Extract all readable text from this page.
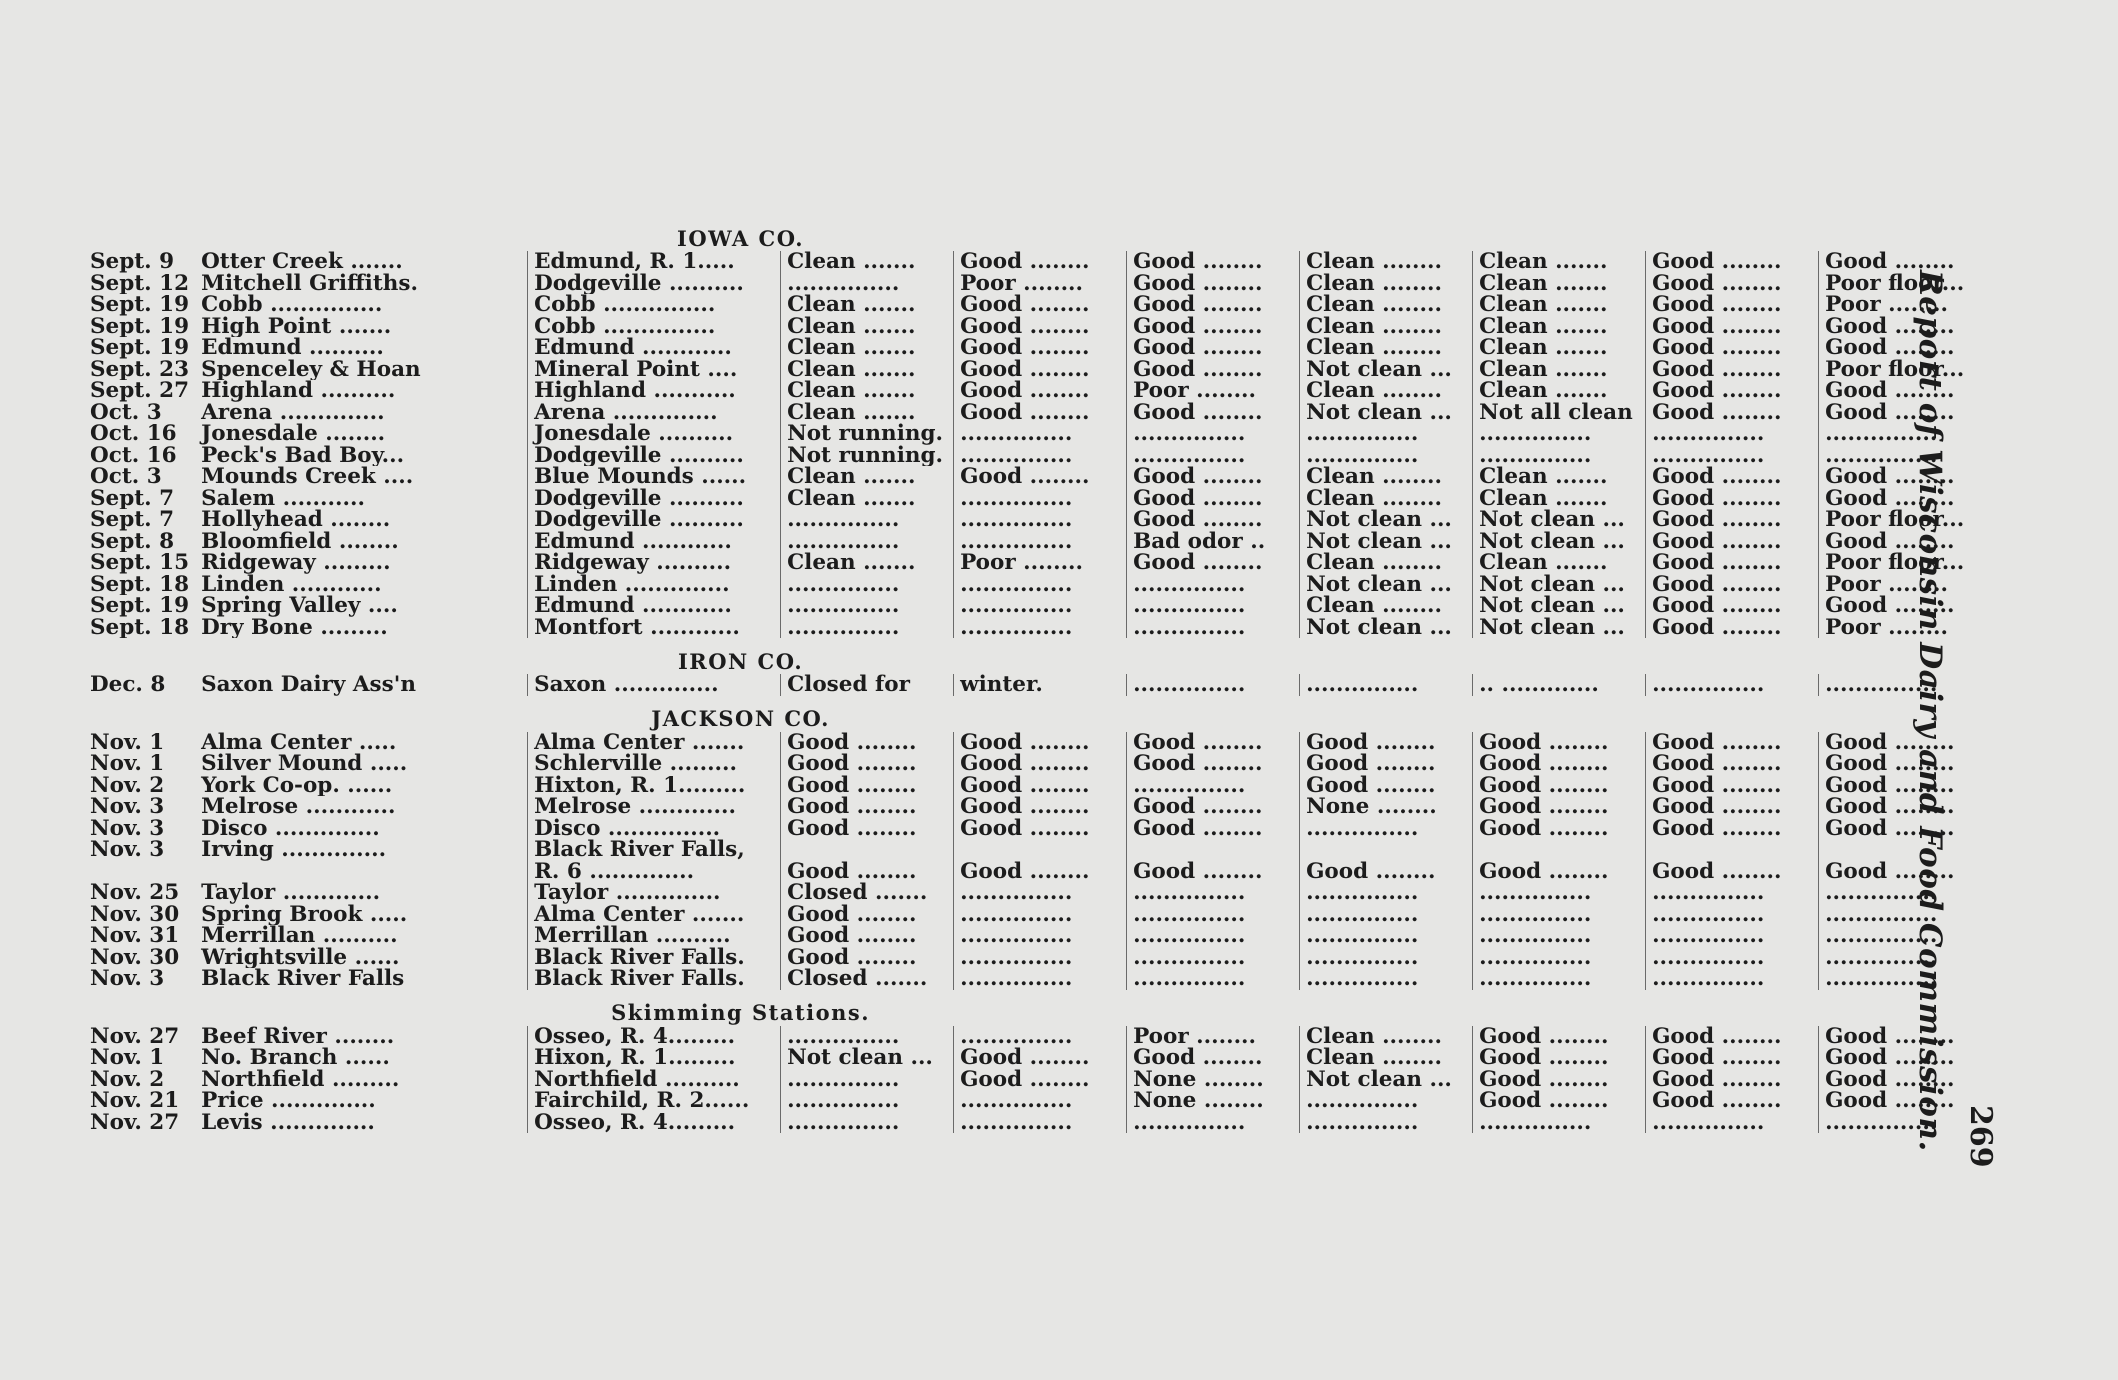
		IOWA CO.							
Sept. 9	Otter Creek .......	Edmund, R. 1.....	Clean .......	Good ........	Good ........	Clean ........	Clean .......	Good ........	Good ........
Sept. 12	Mitchell Griffiths.	Dodgeville ..........	...............	Poor ........	Good ........	Clean ........	Clean .......	Good ........	Poor floor...
Sept. 19	Cobb ...............	Cobb ...............	Clean .......	Good ........	Good ........	Clean ........	Clean .......	Good ........	Poor ........
Sept. 19	High Point .......	Cobb ...............	Clean .......	Good ........	Good ........	Clean ........	Clean .......	Good ........	Good ........
Sept. 19	Edmund ..........	Edmund ............	Clean .......	Good ........	Good ........	Clean ........	Clean .......	Good ........	Good ........
Sept. 23	Spenceley & Hoan	Mineral Point ....	Clean .......	Good ........	Good ........	Not clean ...	Clean .......	Good ........	Poor floor...
Sept. 27	Highland ..........	Highland ...........	Clean .......	Good ........	Poor ........	Clean ........	Clean .......	Good ........	Good ........
Oct. 3	Arena ..............	Arena ..............	Clean .......	Good ........	Good ........	Not clean ...	Not all clean	Good ........	Good ........
Oct. 16	Jonesdale ........	Jonesdale ..........	Not running.	...............	...............	...............	...............	...............	...............
Oct. 16	Peck's Bad Boy...	Dodgeville ..........	Not running.	...............	...............	...............	...............	...............	...............
Oct. 3	Mounds Creek ....	Blue Mounds ......	Clean .......	Good ........	Good ........	Clean ........	Clean .......	Good ........	Good ........
Sept. 7	Salem ...........	Dodgeville ..........	Clean .......	...............	Good ........	Clean ........	Clean .......	Good ........	Good ........
Sept. 7	Hollyhead ........	Dodgeville ..........	...............	...............	Good ........	Not clean ...	Not clean ...	Good ........	Poor floor...
Sept. 8	Bloomfield ........	Edmund ............	...............	...............	Bad odor ..	Not clean ...	Not clean ...	Good ........	Good ........
Sept. 15	Ridgeway .........	Ridgeway ..........	Clean .......	Poor ........	Good ........	Clean ........	Clean .......	Good ........	Poor floor...
Sept. 18	Linden ............	Linden ..............	...............	...............	...............	Not clean ...	Not clean ...	Good ........	Poor ........
Sept. 19	Spring Valley ....	Edmund ............	...............	...............	...............	Clean ........	Not clean ...	Good ........	Good ........
Sept. 18	Dry Bone .........	Montfort ............	...............	...............	...............	Not clean ...	Not clean ...	Good ........	Poor ........
		IRON CO.							
Dec. 8	Saxon Dairy Ass'n	Saxon ..............	Closed for	winter.	...............	...............	.. .............	...............	...............
		JACKSON CO.							
Nov. 1	Alma Center .....	Alma Center .......	Good ........	Good ........	Good ........	Good ........	Good ........	Good ........	Good ........
Nov. 1	Silver Mound .....	Schlerville .........	Good ........	Good ........	Good ........	Good ........	Good ........	Good ........	Good ........
Nov. 2	York Co-op. ......	Hixton, R. 1.........	Good ........	Good ........	...............	Good ........	Good ........	Good ........	Good ........
Nov. 3	Melrose ............	Melrose .............	Good ........	Good ........	Good ........	None ........	Good ........	Good ........	Good ........
Nov. 3	Disco ..............	Disco ...............	Good ........	Good ........	Good ........	...............	Good ........	Good ........	Good ........
Nov. 3	Irving ..............	Black River Falls,							
		R. 6 ..............	Good ........	Good ........	Good ........	Good ........	Good ........	Good ........	Good ........
Nov. 25	Taylor .............	Taylor ..............	Closed .......	...............	...............	...............	...............	...............	...............
Nov. 30	Spring Brook .....	Alma Center .......	Good ........	...............	...............	...............	...............	...............	...............
Nov. 31	Merrillan ..........	Merrillan ..........	Good ........	...............	...............	...............	...............	...............	...............
Nov. 30	Wrightsville ......	Black River Falls.	Good ........	...............	...............	...............	...............	...............	...............
Nov. 3	Black River Falls	Black River Falls.	Closed .......	...............	...............	...............	...............	...............	...............
		Skimming Stations.							
Nov. 27	Beef River ........	Osseo, R. 4.........	...............	...............	Poor ........	Clean ........	Good ........	Good ........	Good ........
Nov. 1	No. Branch ......	Hixon, R. 1.........	Not clean ...	Good ........	Good ........	Clean ........	Good ........	Good ........	Good ........
Nov. 2	Northfield .........	Northfield ..........	...............	Good ........	None ........	Not clean ...	Good ........	Good ........	Good ........
Nov. 21	Price ..............	Fairchild, R. 2......	...............	...............	None ........	...............	Good ........	Good ........	Good ........
Nov. 27	Levis ..............	Osseo, R. 4.........	...............	...............	...............	...............	...............	...............	...............
Report of Wisconsin Dairy and Food Commission. 269
